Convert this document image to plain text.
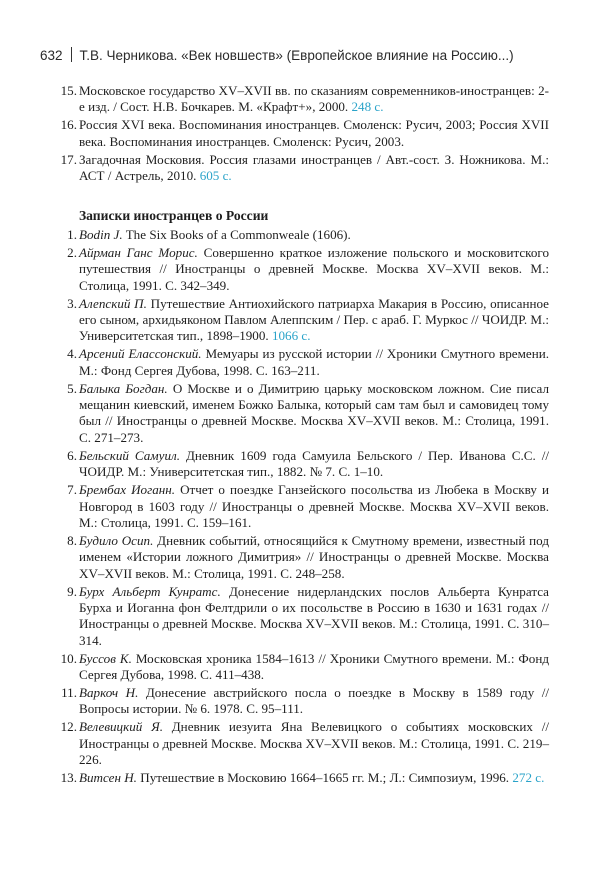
632 Т.В. Черникова. «Век новшеств» (Европейское влияние на Россию...)
15. Московское государство XV–XVII вв. по сказаниям современников-иностранцев: 2-е изд. / Сост. Н.В. Бочкарев. М. «Крафт+», 2000. 248 с.
16. Россия XVI века. Воспоминания иностранцев. Смоленск: Русич, 2003; Россия XVII века. Воспоминания иностранцев. Смоленск: Русич, 2003.
17. Загадочная Московия. Россия глазами иностранцев / Авт.-сост. З. Ножникова. М.: АСТ / Астрель, 2010. 605 с.
Записки иностранцев о России
1. Bodin J. The Six Books of a Commonweale (1606).
2. Айрман Ганс Морис. Совершенно краткое изложение польского и московитского путешествия // Иностранцы о древней Москве. Москва XV–XVII веков. М.: Столица, 1991. С. 342–349.
3. Алепский П. Путешествие Антиохийского патриарха Макария в Россию, описанное его сыном, архидьяконом Павлом Алеппским / Пер. с араб. Г. Муркос // ЧОИДР. М.: Университетская тип., 1898–1900. 1066 с.
4. Арсений Елассонский. Мемуары из русской истории // Хроники Смутного времени. М.: Фонд Сергея Дубова, 1998. С. 163–211.
5. Балыка Богдан. О Москве и о Димитрию царьку московском ложном. Сие писал мещанин киевский, именем Божко Балыка, который сам там был и самовидец тому был // Иностранцы о древней Москве. Москва XV–XVII веков. М.: Столица, 1991. С. 271–273.
6. Бельский Самуил. Дневник 1609 года Самуила Бельского / Пер. Иванова С.С. // ЧОИДР. М.: Университетская тип., 1882. № 7. С. 1–10.
7. Брембах Иоганн. Отчет о поездке Ганзейского посольства из Любека в Москву и Новгород в 1603 году // Иностранцы о древней Москве. Москва XV–XVII веков. М.: Столица, 1991. С. 159–161.
8. Будило Осип. Дневник событий, относящийся к Смутному времени, известный под именем «Истории ложного Димитрия» // Иностранцы о древней Москве. Москва XV–XVII веков. М.: Столица, 1991. С. 248–258.
9. Бурх Альберт Кунратс. Донесение нидерландских послов Альберта Кунратса Бурха и Иоганна фон Фелтдрили о их посольстве в Россию в 1630 и 1631 годах // Иностранцы о древней Москве. Москва XV–XVII веков. М.: Столица, 1991. С. 310–314.
10. Буссов К. Московская хроника 1584–1613 // Хроники Смутного времени. М.: Фонд Сергея Дубова, 1998. С. 411–438.
11. Варкоч Н. Донесение австрийского посла о поездке в Москву в 1589 году // Вопросы истории. № 6. 1978. С. 95–111.
12. Велевицкий Я. Дневник иезуита Яна Велевицкого о событиях московских // Иностранцы о древней Москве. Москва XV–XVII веков. М.: Столица, 1991. С. 219–226.
13. Витсен Н. Путешествие в Московию 1664–1665 гг. М.; Л.: Симпозиум, 1996. 272 с.
